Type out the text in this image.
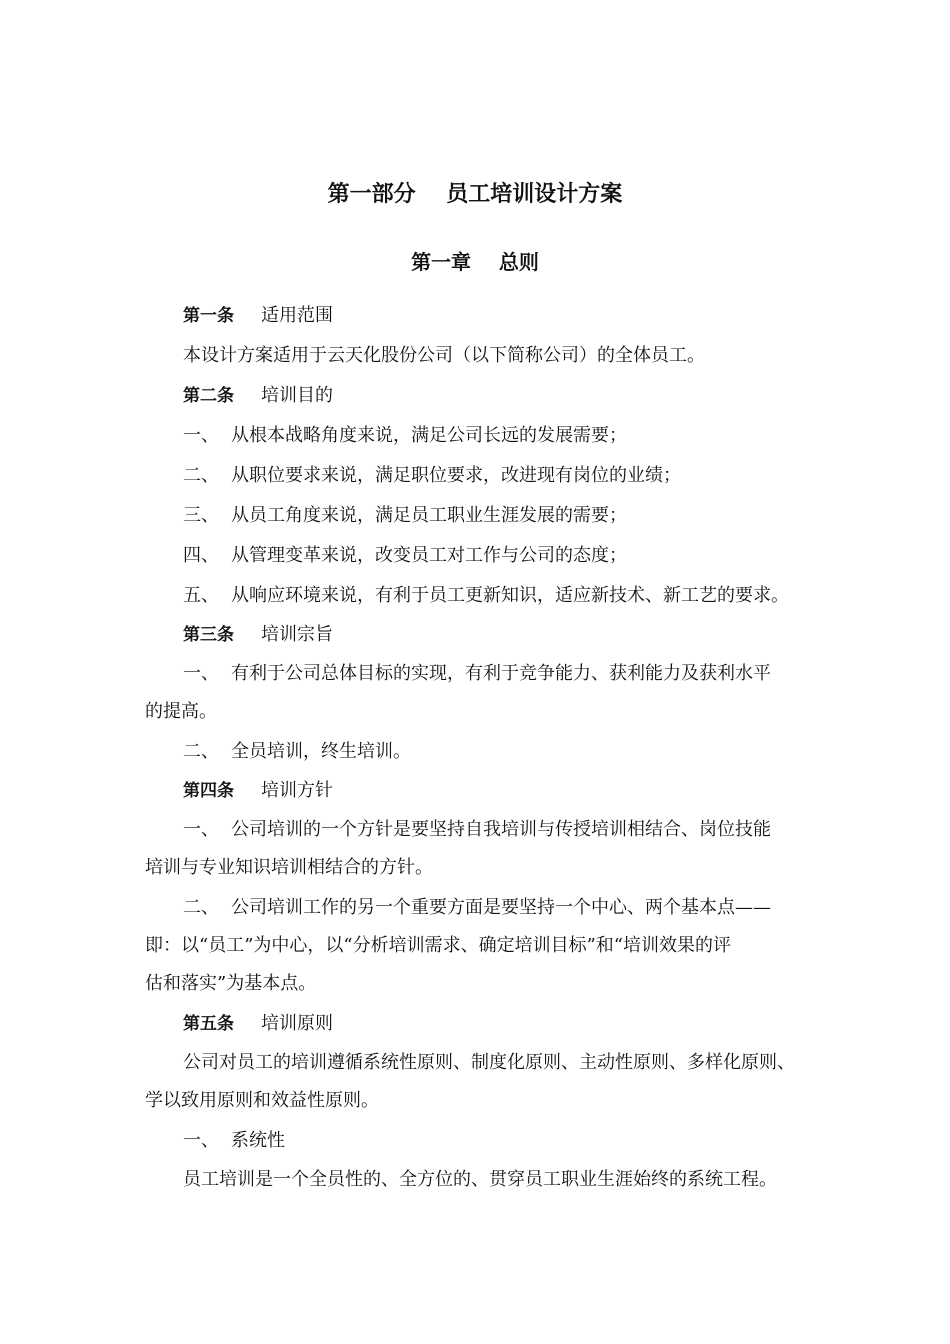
第一部分    员工培训设计方案
第一章    总则
第一条 适用范围
本设计方案适用于云天化股份公司（以下简称公司）的全体员工。
第二条 培训目的
一、 从根本战略角度来说，满足公司长远的发展需要；
二、 从职位要求来说，满足职位要求，改进现有岗位的业绩；
三、 从员工角度来说，满足员工职业生涯发展的需要；
四、 从管理变革来说，改变员工对工作与公司的态度；
五、 从响应环境来说，有利于员工更新知识，适应新技术、新工艺的要求。
第三条 培训宗旨
一、 有利于公司总体目标的实现，有利于竞争能力、获利能力及获利水平
的提高。
二、 全员培训，终生培训。
第四条 培训方针
一、 公司培训的一个方针是要坚持自我培训与传授培训相结合、岗位技能
培训与专业知识培训相结合的方针。
二、 公司培训工作的另一个重要方面是要坚持一个中心、两个基本点——
即：以“员工”为中心，以“分析培训需求、确定培训目标”和“培训效果的评
估和落实”为基本点。
第五条 培训原则
公司对员工的培训遵循系统性原则、制度化原则、主动性原则、多样化原则、
学以致用原则和效益性原则。
一、 系统性
员工培训是一个全员性的、全方位的、贯穿员工职业生涯始终的系统工程。
